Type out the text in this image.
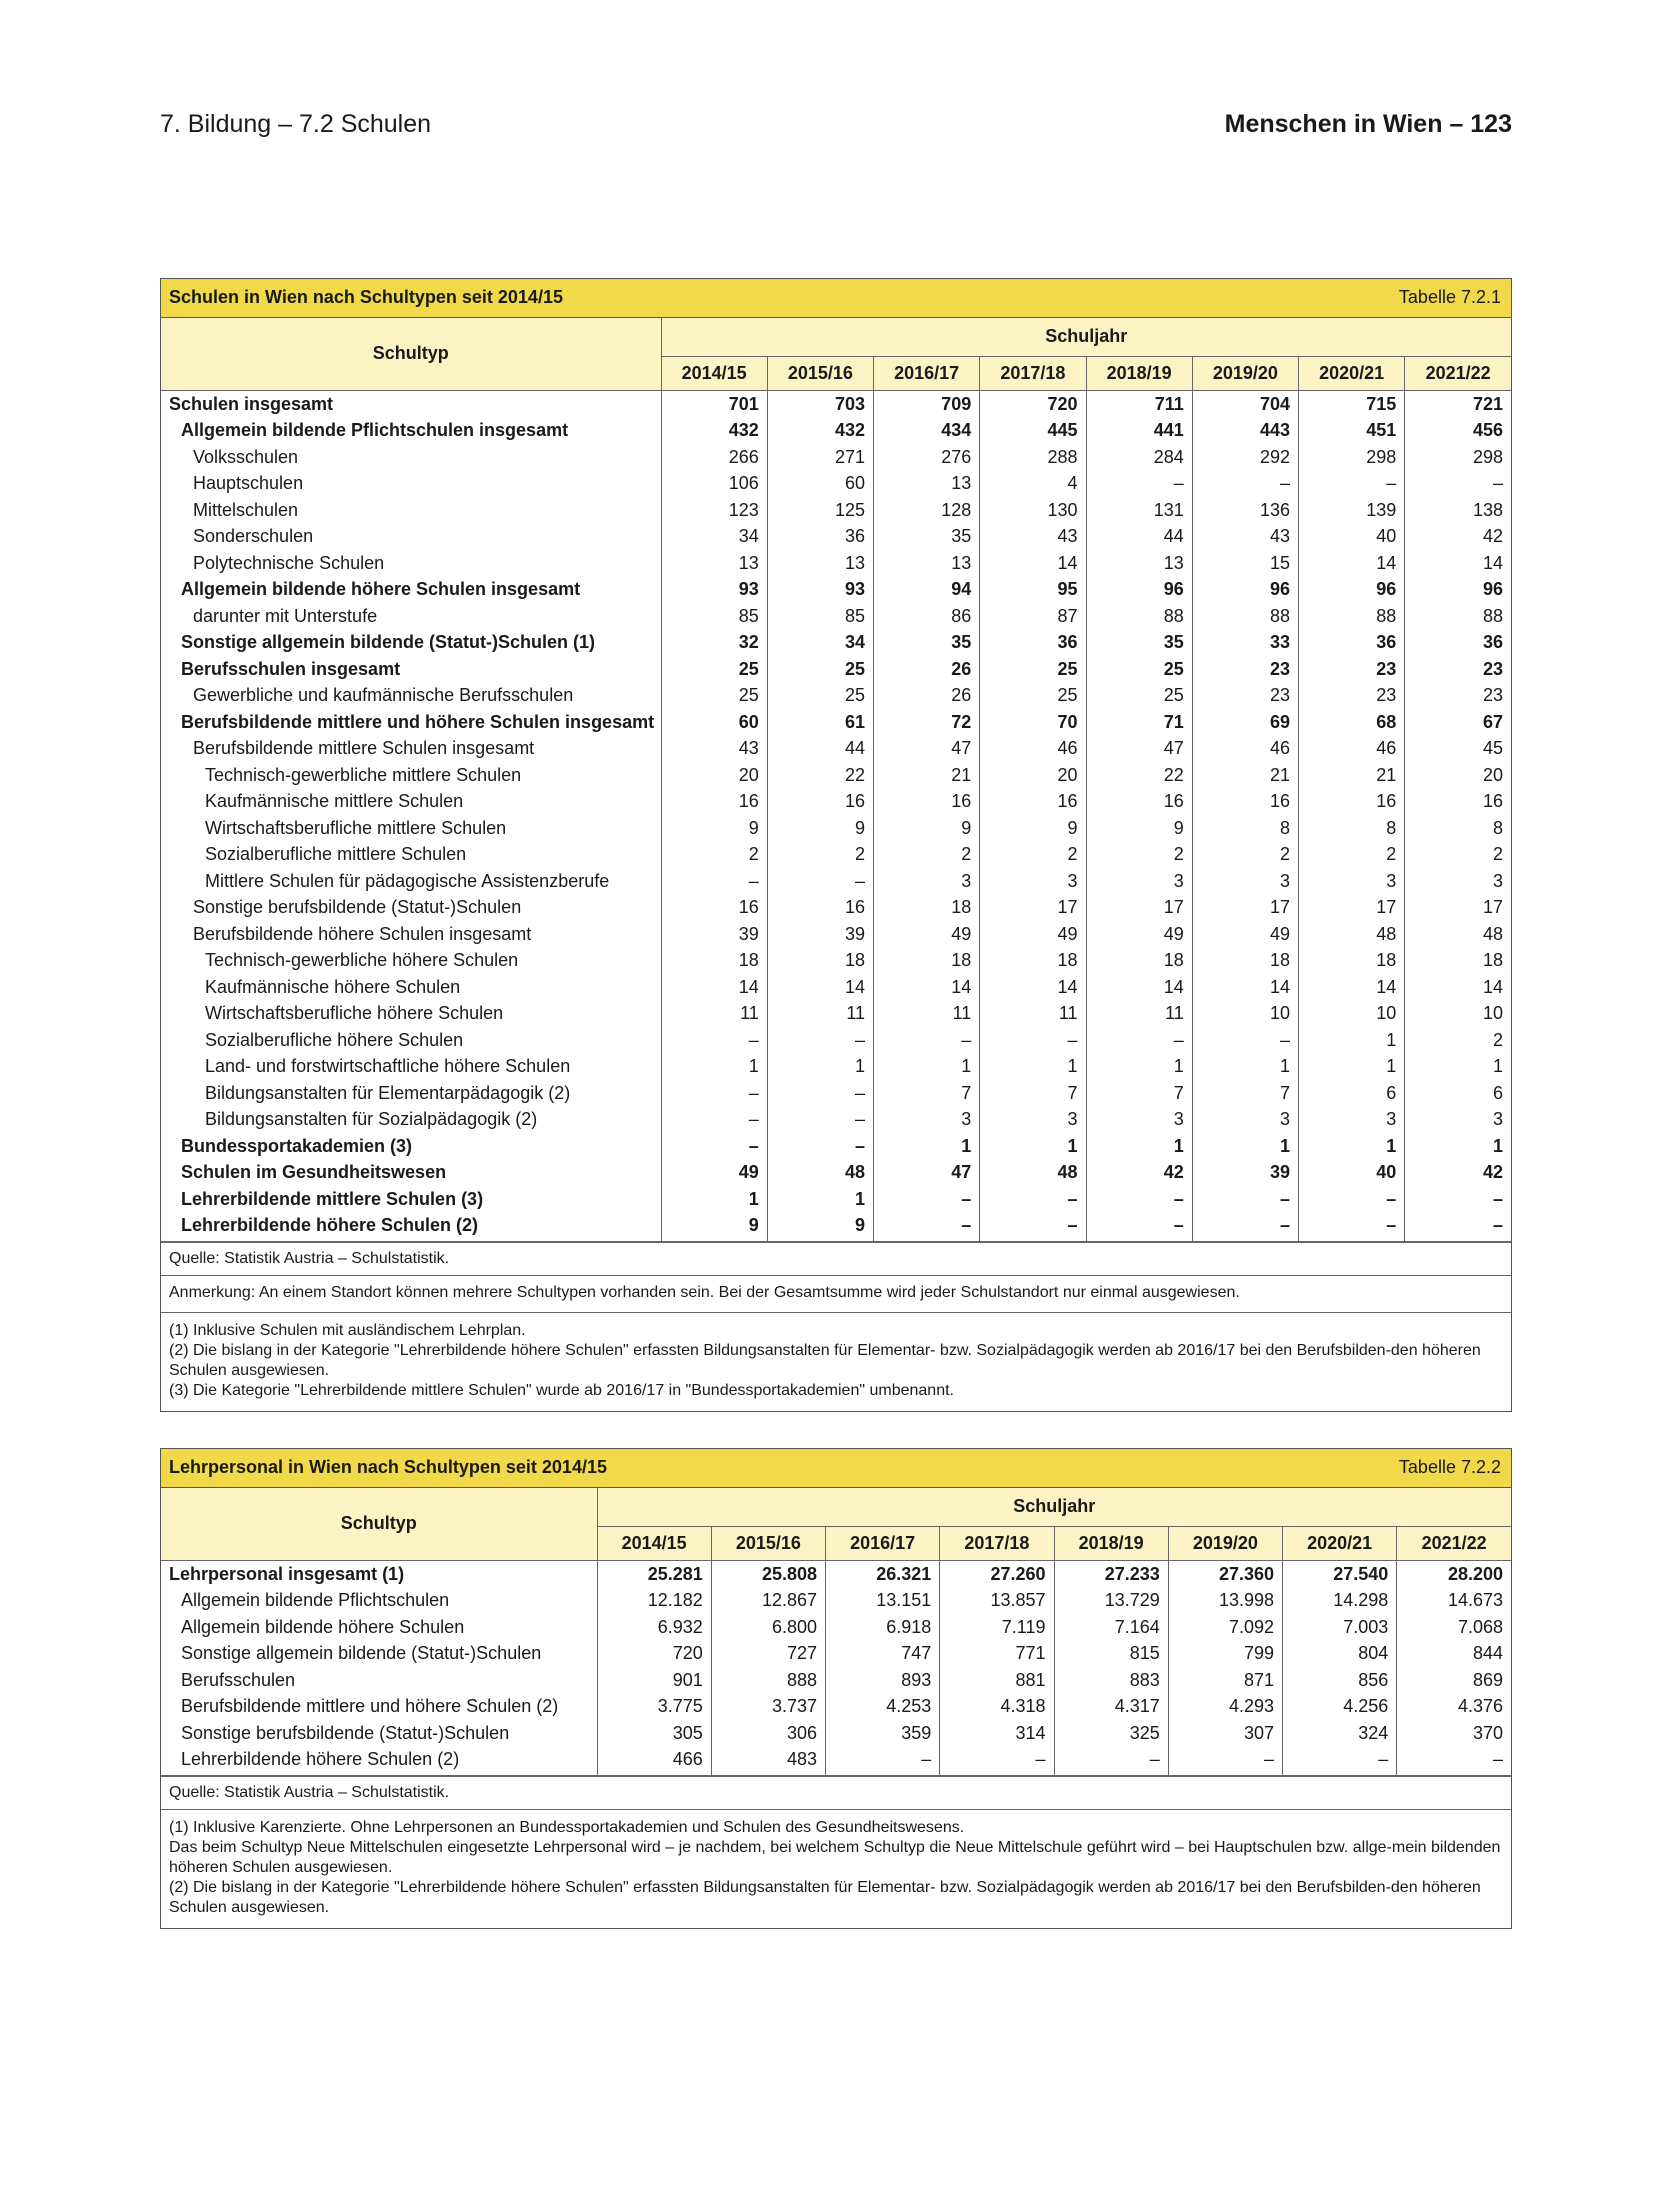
7. Bildung – 7.2 Schulen	Menschen in Wien – 123
Schulen in Wien nach Schultypen seit 2014/15	Tabelle 7.2.1
Schultyp	Schuljahr							
	2014/15	2015/16	2016/17	2017/18	2018/19	2019/20	2020/21	2021/22
Schulen insgesamt	701	703	709	720	711	704	715	721
Allgemein bildende Pflichtschulen insgesamt	432	432	434	445	441	443	451	456
Volksschulen	266	271	276	288	284	292	298	298
Hauptschulen	106	60	13	4	–	–	–	–
Mittelschulen	123	125	128	130	131	136	139	138
Sonderschulen	34	36	35	43	44	43	40	42
Polytechnische Schulen	13	13	13	14	13	15	14	14
Allgemein bildende höhere Schulen insgesamt	93	93	94	95	96	96	96	96
darunter mit Unterstufe	85	85	86	87	88	88	88	88
Sonstige allgemein bildende (Statut-)Schulen (1)	32	34	35	36	35	33	36	36
Berufsschulen insgesamt	25	25	26	25	25	23	23	23
Gewerbliche und kaufmännische Berufsschulen	25	25	26	25	25	23	23	23
Berufsbildende mittlere und höhere Schulen insgesamt	60	61	72	70	71	69	68	67
Berufsbildende mittlere Schulen insgesamt	43	44	47	46	47	46	46	45
Technisch-gewerbliche mittlere Schulen	20	22	21	20	22	21	21	20
Kaufmännische mittlere Schulen	16	16	16	16	16	16	16	16
Wirtschaftsberufliche mittlere Schulen	9	9	9	9	9	8	8	8
Sozialberufliche mittlere Schulen	2	2	2	2	2	2	2	2
Mittlere Schulen für pädagogische Assistenzberufe	–	–	3	3	3	3	3	3
Sonstige berufsbildende (Statut-)Schulen	16	16	18	17	17	17	17	17
Berufsbildende höhere Schulen insgesamt	39	39	49	49	49	49	48	48
Technisch-gewerbliche höhere Schulen	18	18	18	18	18	18	18	18
Kaufmännische höhere Schulen	14	14	14	14	14	14	14	14
Wirtschaftsberufliche höhere Schulen	11	11	11	11	11	10	10	10
Sozialberufliche höhere Schulen	–	–	–	–	–	–	1	2
Land- und forstwirtschaftliche höhere Schulen	1	1	1	1	1	1	1	1
Bildungsanstalten für Elementarpädagogik (2)	–	–	7	7	7	7	6	6
Bildungsanstalten für Sozialpädagogik (2)	–	–	3	3	3	3	3	3
Bundessportakademien (3)	–	–	1	1	1	1	1	1
Schulen im Gesundheitswesen	49	48	47	48	42	39	40	42
Lehrerbildende mittlere Schulen (3)	1	1	–	–	–	–	–	–
Lehrerbildende höhere Schulen (2)	9	9	–	–	–	–	–	–
Quelle: Statistik Austria – Schulstatistik.
Anmerkung: An einem Standort können mehrere Schultypen vorhanden sein. Bei der Gesamtsumme wird jeder Schulstandort nur einmal ausgewiesen.
(1) Inklusive Schulen mit ausländischem Lehrplan.
(2) Die bislang in der Kategorie "Lehrerbildende höhere Schulen" erfassten Bildungsanstalten für Elementar- bzw. Sozialpädagogik werden ab 2016/17 bei den Berufsbilden-den höheren Schulen ausgewiesen.
(3) Die Kategorie "Lehrerbildende mittlere Schulen" wurde ab 2016/17 in "Bundessportakademien" umbenannt.
Lehrpersonal in Wien nach Schultypen seit 2014/15	Tabelle 7.2.2
Schultyp	Schuljahr							
	2014/15	2015/16	2016/17	2017/18	2018/19	2019/20	2020/21	2021/22
Lehrpersonal insgesamt (1)	25.281	25.808	26.321	27.260	27.233	27.360	27.540	28.200
Allgemein bildende Pflichtschulen	12.182	12.867	13.151	13.857	13.729	13.998	14.298	14.673
Allgemein bildende höhere Schulen	6.932	6.800	6.918	7.119	7.164	7.092	7.003	7.068
Sonstige allgemein bildende (Statut-)Schulen	720	727	747	771	815	799	804	844
Berufsschulen	901	888	893	881	883	871	856	869
Berufsbildende mittlere und höhere Schulen (2)	3.775	3.737	4.253	4.318	4.317	4.293	4.256	4.376
Sonstige berufsbildende (Statut-)Schulen	305	306	359	314	325	307	324	370
Lehrerbildende höhere Schulen (2)	466	483	–	–	–	–	–	–
Quelle: Statistik Austria – Schulstatistik.
(1) Inklusive Karenzierte. Ohne Lehrpersonen an Bundessportakademien und Schulen des Gesundheitswesens.
Das beim Schultyp Neue Mittelschulen eingesetzte Lehrpersonal wird – je nachdem, bei welchem Schultyp die Neue Mittelschule geführt wird – bei Hauptschulen bzw. allge-mein bildenden höheren Schulen ausgewiesen.
(2) Die bislang in der Kategorie "Lehrerbildende höhere Schulen" erfassten Bildungsanstalten für Elementar- bzw. Sozialpädagogik werden ab 2016/17 bei den Berufsbilden-den höheren Schulen ausgewiesen.
